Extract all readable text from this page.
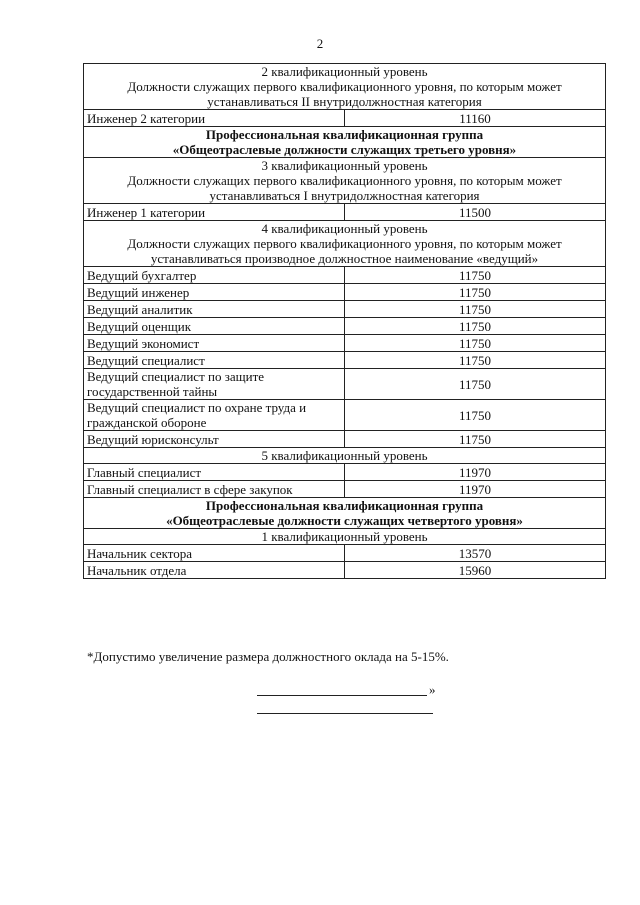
2
2 квалификационный уровень
Должности служащих первого квалификационного уровня, по которым может
устанавливаться II внутридолжностная категория	

Инженер 2 категории	11160

Профессиональная квалификационная группа
«Общеотраслевые должности служащих третьего уровня»	

3 квалификационный уровень
Должности служащих первого квалификационного уровня, по которым может
устанавливаться I внутридолжностная категория	

Инженер 1 категории	11500

4 квалификационный уровень
Должности служащих первого квалификационного уровня, по которым может
устанавливаться производное должностное наименование «ведущий»	

Ведущий бухгалтер	11750
Ведущий инженер	11750
Ведущий аналитик	11750
Ведущий оценщик	11750
Ведущий экономист	11750
Ведущий специалист	11750
Ведущий специалист по защите государственной тайны	11750
Ведущий специалист по охране труда и гражданской обороне	11750
Ведущий юрисконсульт	11750

5 квалификационный уровень	

Главный специалист	11970
Главный специалист в сфере закупок	11970

Профессиональная квалификационная группа
«Общеотраслевые должности служащих четвертого уровня»	

1 квалификационный уровень	

Начальник сектора	13570
Начальник отдела	15960
*Допустимо увеличение размера должностного оклада на 5-15%.
»
